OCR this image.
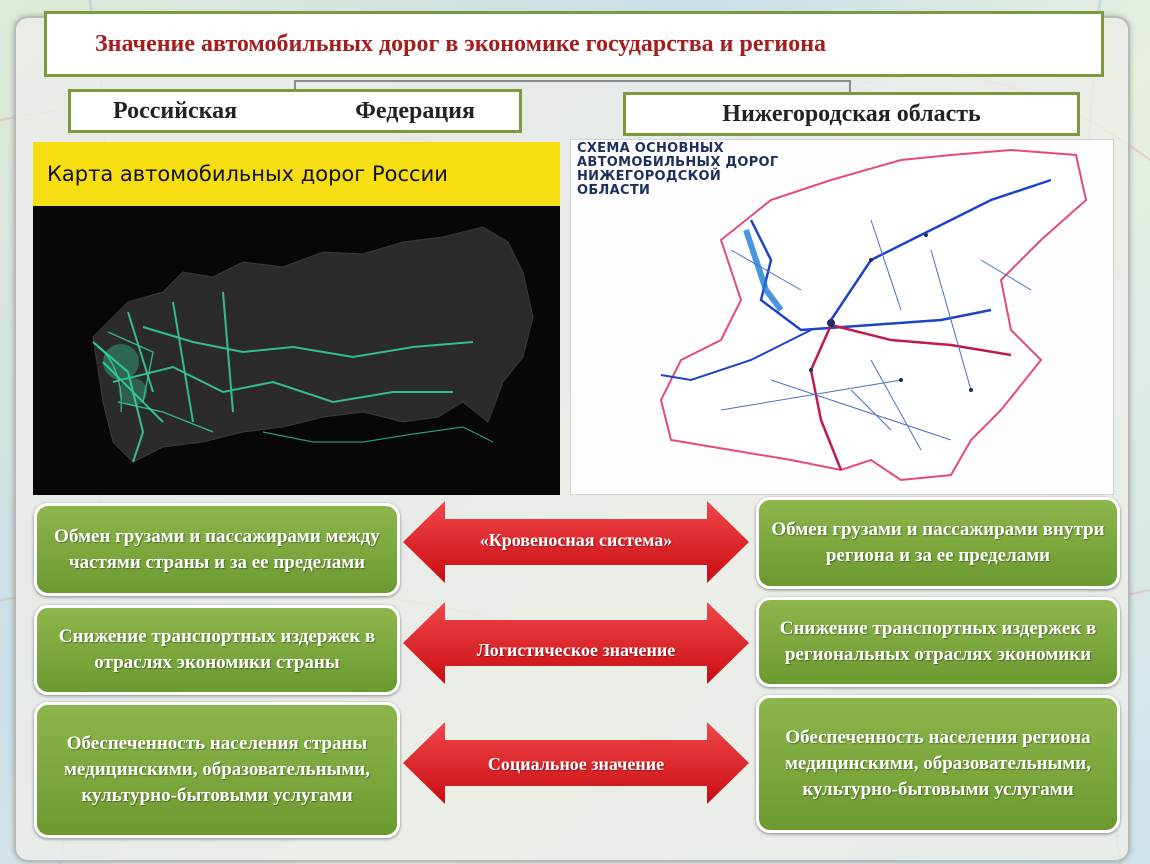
Значение автомобильных дорог в экономике государства и региона
Российская	Федерация	Нижегородская область
Карта автомобильных дорог России
СХЕМА ОСНОВНЫХ
АВТОМОБИЛЬНЫХ ДОРОГ
НИЖЕГОРОДСКОЙ
ОБЛАСТИ
Обмен грузами и пассажирами между частями страны и за ее пределами
«Кровеносная система»	Обмен грузами и пассажирами внутри региона и за ее пределами
Снижение транспортных издержек в отраслях экономики страны
Логистическое значение
Снижение транспортных издержек в региональных отраслях экономики
Обеспеченность населения страны медицинскими, образовательными, культурно-бытовыми услугами
Социальное значение
Обеспеченность населения региона медицинскими, образовательными, культурно-бытовыми услугами
